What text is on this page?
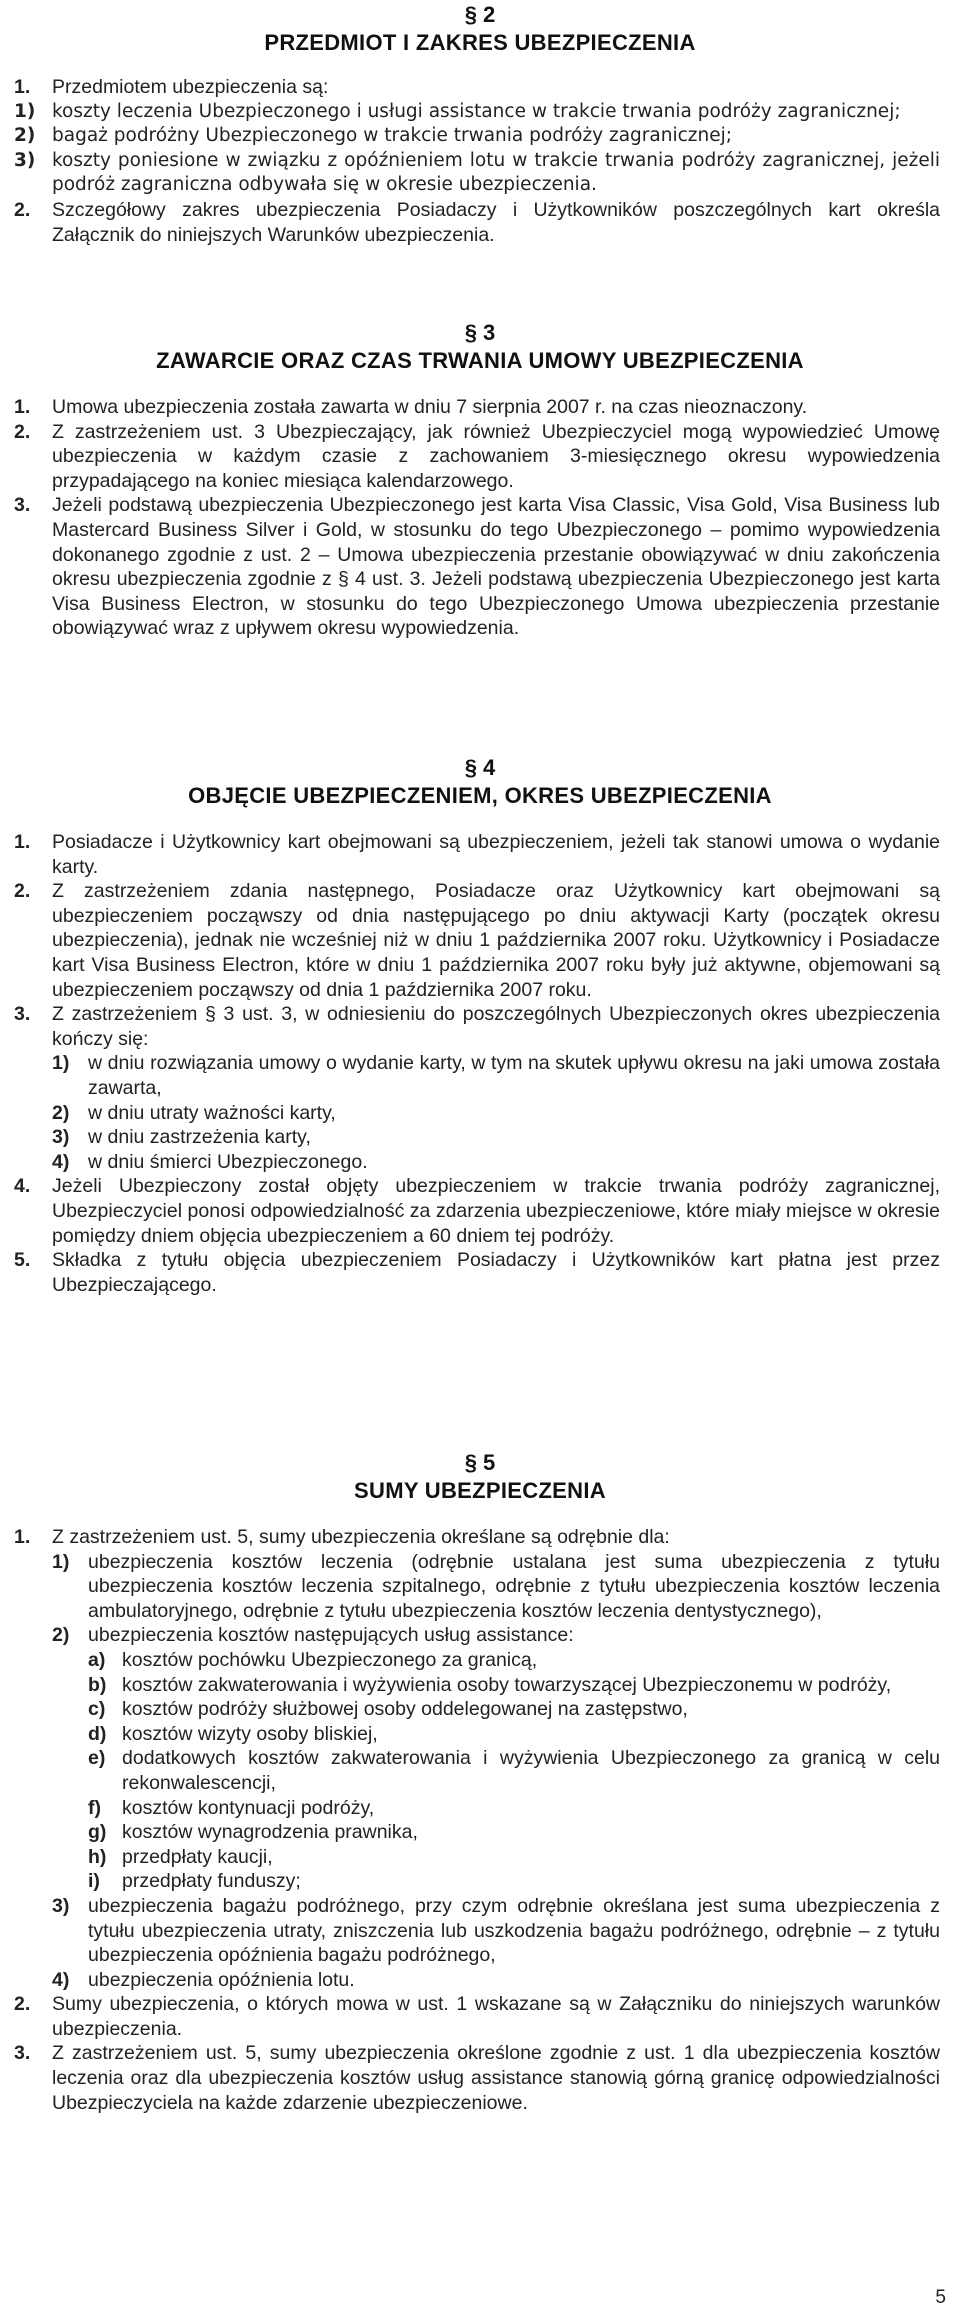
§ 2
PRZEDMIOT I ZAKRES UBEZPIECZENIA

1. Przedmiotem ubezpieczenia są:

1) koszty leczenia Ubezpieczonego i usługi assistance w trakcie trwania podróży zagranicznej;

2) bagaż podróżny Ubezpieczonego w trakcie trwania podróży zagranicznej;

3) koszty poniesione w związku z opóźnieniem lotu w trakcie trwania podróży zagranicznej, jeżeli podróż zagraniczna odbywała się w okresie ubezpieczenia.

2. Szczegółowy zakres ubezpieczenia Posiadaczy i Użytkowników poszczególnych kart określa Załącznik do niniejszych Warunków ubezpieczenia.

§ 3
ZAWARCIE ORAZ CZAS TRWANIA UMOWY UBEZPIECZENIA

1. Umowa ubezpieczenia została zawarta w dniu 7 sierpnia 2007 r. na czas nieoznaczony.

2. Z zastrzeżeniem ust. 3 Ubezpieczający, jak również Ubezpieczyciel mogą wypowiedzieć Umowę ubezpieczenia w każdym czasie z zachowaniem 3-miesięcznego okresu wypowiedzenia przypadającego na koniec miesiąca kalendarzowego.

3. Jeżeli podstawą ubezpieczenia Ubezpieczonego jest karta Visa Classic, Visa Gold, Visa Business lub Mastercard Business Silver i Gold, w stosunku do tego Ubezpieczonego – pomimo wypowiedzenia dokonanego zgodnie z ust. 2 – Umowa ubezpieczenia przestanie obowiązywać w dniu zakończenia okresu ubezpieczenia zgodnie z § 4 ust. 3. Jeżeli podstawą ubezpieczenia Ubezpieczonego jest karta Visa Business Electron, w stosunku do tego Ubezpieczonego Umowa ubezpieczenia przestanie obowiązywać wraz z upływem okresu wypowiedzenia.

§ 4
OBJĘCIE UBEZPIECZENIEM, OKRES UBEZPIECZENIA

1. Posiadacze i Użytkownicy kart obejmowani są ubezpieczeniem, jeżeli tak stanowi umowa o wydanie karty.

2. Z zastrzeżeniem zdania następnego, Posiadacze oraz Użytkownicy kart obejmowani są ubezpieczeniem począwszy od dnia następującego po dniu aktywacji Karty (początek okresu ubezpieczenia), jednak nie wcześniej niż w dniu 1 października 2007 roku. Użytkownicy i Posiadacze kart Visa Business Electron, które w dniu 1 października 2007 roku były już aktywne, objemowani są ubezpieczeniem począwszy od dnia 1 października 2007 roku.

3. Z zastrzeżeniem § 3 ust. 3, w odniesieniu do poszczególnych Ubezpieczonych okres ubezpieczenia kończy się:

1) w dniu rozwiązania umowy o wydanie karty, w tym na skutek upływu okresu na jaki umowa została zawarta,

2) w dniu utraty ważności karty,

3) w dniu zastrzeżenia karty,

4) w dniu śmierci Ubezpieczonego.

4. Jeżeli Ubezpieczony został objęty ubezpieczeniem w trakcie trwania podróży zagranicznej, Ubezpieczyciel ponosi odpowiedzialność za zdarzenia ubezpieczeniowe, które miały miejsce w okresie pomiędzy dniem objęcia ubezpieczeniem a 60 dniem tej podróży.

5. Składka z tytułu objęcia ubezpieczeniem Posiadaczy i Użytkowników kart płatna jest przez Ubezpieczającego.

§ 5
SUMY UBEZPIECZENIA

1. Z zastrzeżeniem ust. 5, sumy ubezpieczenia określane są odrębnie dla:

1) ubezpieczenia kosztów leczenia (odrębnie ustalana jest suma ubezpieczenia z tytułu ubezpieczenia kosztów leczenia szpitalnego, odrębnie z tytułu ubezpieczenia kosztów leczenia ambulatoryjnego, odrębnie z tytułu ubezpieczenia kosztów leczenia dentystycznego),

2) ubezpieczenia kosztów następujących usług assistance:

a) kosztów pochówku Ubezpieczonego za granicą,

b) kosztów zakwaterowania i wyżywienia osoby towarzyszącej Ubezpieczonemu w podróży,

c) kosztów podróży służbowej osoby oddelegowanej na zastępstwo,

d) kosztów wizyty osoby bliskiej,

e) dodatkowych kosztów zakwaterowania i wyżywienia Ubezpieczonego za granicą w celu rekonwalescencji,

f) kosztów kontynuacji podróży,

g) kosztów wynagrodzenia prawnika,

h) przedpłaty kaucji,

i) przedpłaty funduszy;

3) ubezpieczenia bagażu podróżnego, przy czym odrębnie określana jest suma ubezpieczenia z tytułu ubezpieczenia utraty, zniszczenia lub uszkodzenia bagażu podróżnego, odrębnie – z tytułu ubezpieczenia opóźnienia bagażu podróżnego,

4) ubezpieczenia opóźnienia lotu.

2. Sumy ubezpieczenia, o których mowa w ust. 1 wskazane są w Załączniku do niniejszych warunków ubezpieczenia.

3. Z zastrzeżeniem ust. 5, sumy ubezpieczenia określone zgodnie z ust. 1 dla ubezpieczenia kosztów leczenia oraz dla ubezpieczenia kosztów usług assistance stanowią górną granicę odpowiedzialności Ubezpieczyciela na każde zdarzenie ubezpieczeniowe.

5
